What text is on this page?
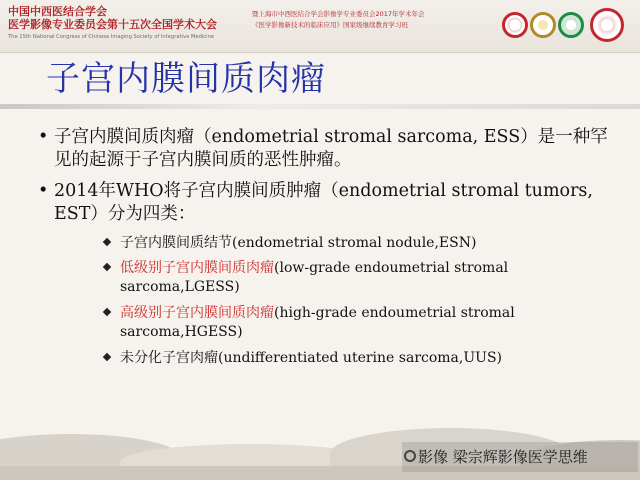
中国中西医结合学会
医学影像专业委员会第十五次全国学术大会
The 15th National Congress of Chinese Imaging Society of Integrative Medicine
暨上海市中西医结合学会影像学专业委员会2017年学术年会
《医学影像新技术的临床应用》国家级继续教育学习班
子宫内膜间质肉瘤
• 子宫内膜间质肉瘤（endometrial stromal sarcoma, ESS）是一种罕见的起源于子宫内膜间质的恶性肿瘤。
• 2014年WHO将子宫内膜间质肿瘤（endometrial stromal tumors, EST）分为四类：
子宫内膜间质结节(endometrial stromal nodule,ESN)
低级别子宫内膜间质肉瘤(low-grade endoumetrial stromal sarcoma,LGESS)
高级别子宫内膜间质肉瘤(high-grade endoumetrial stromal sarcoma,HGESS)
未分化子宫肉瘤(undifferentiated uterine sarcoma,UUS)
影像 梁宗辉影像医学思维
